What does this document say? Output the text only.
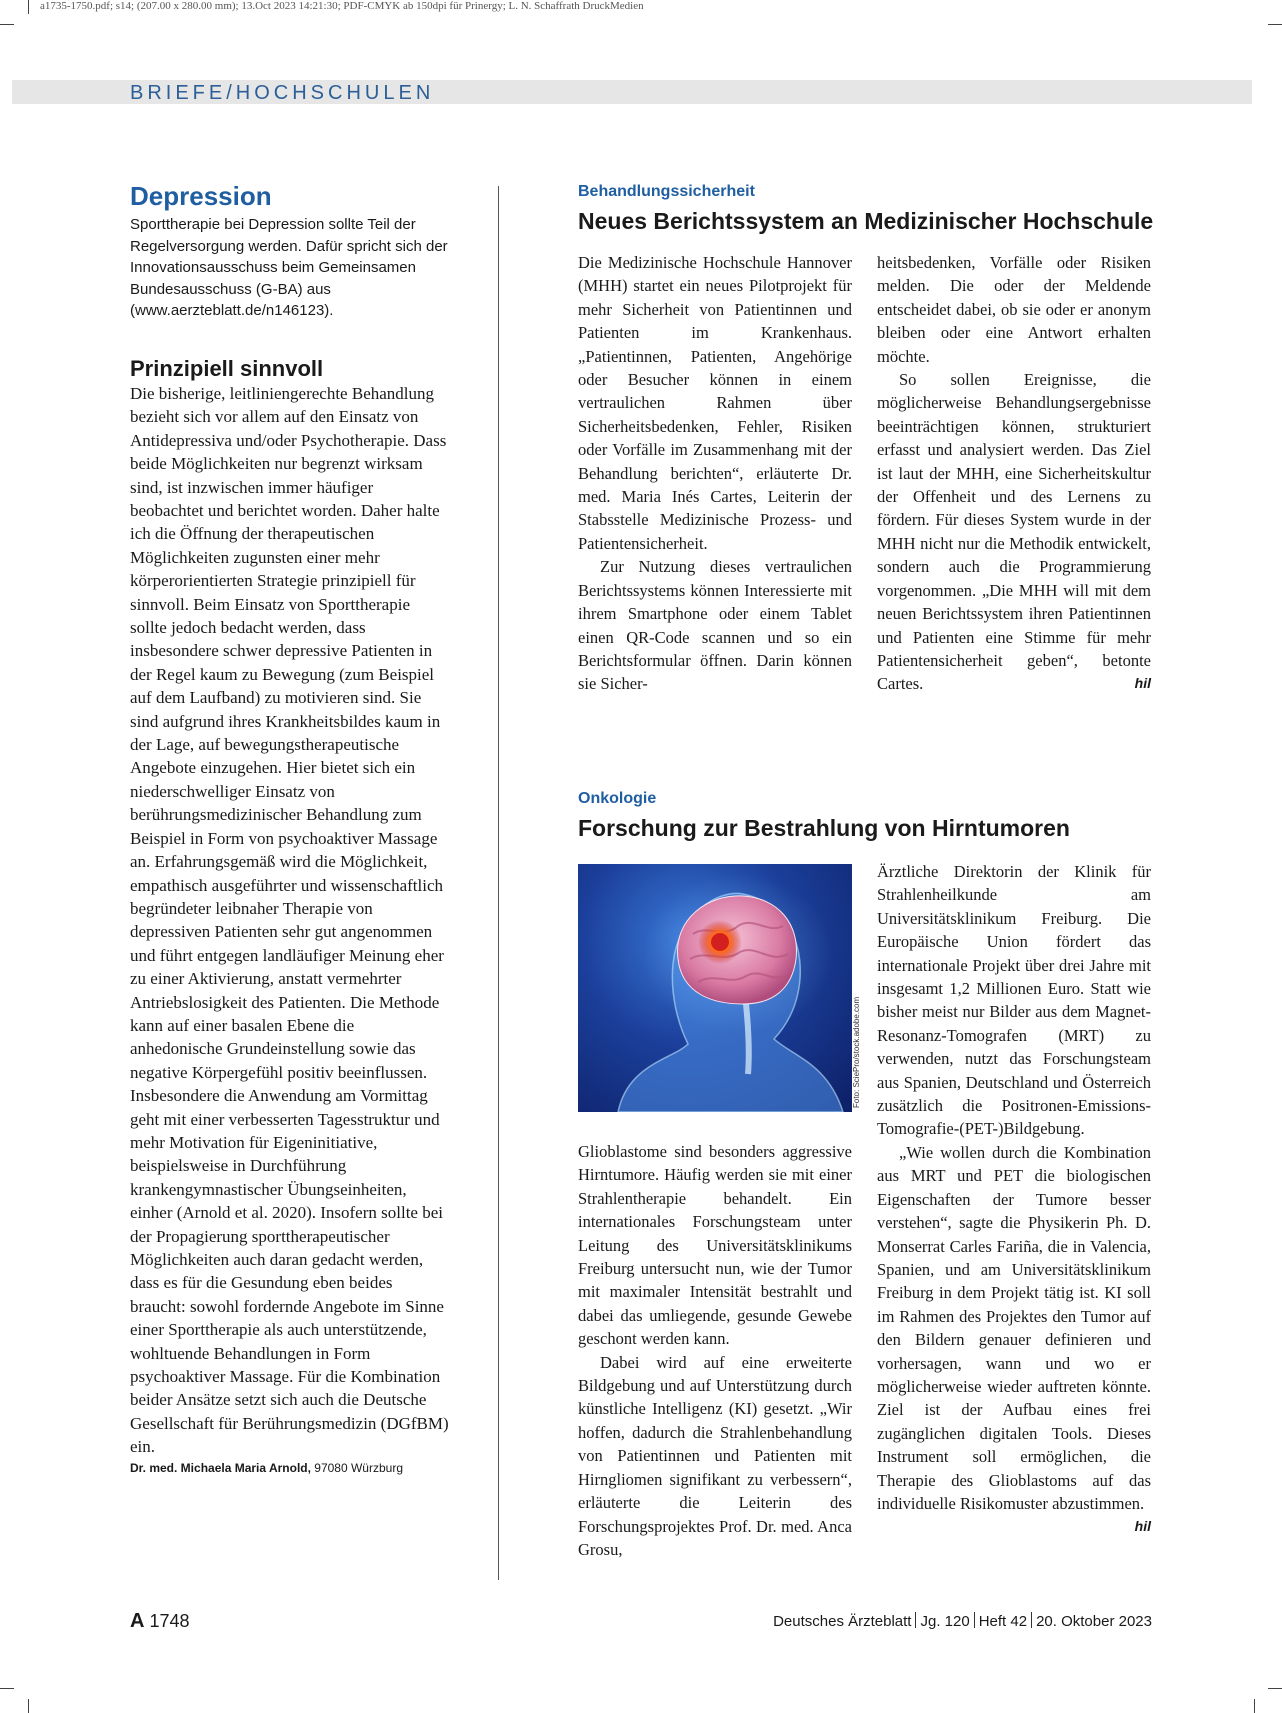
a1735-1750.pdf; s14; (207.00 x 280.00 mm); 13.Oct 2023 14:21:30; PDF-CMYK ab 150dpi für Prinergy; L. N. Schaffrath DruckMedien
BRIEFE/HOCHSCHULEN
Depression

Sporttherapie bei Depression sollte Teil der Regelversorgung werden. Dafür spricht sich der Innovationsausschuss beim Gemeinsamen Bundesausschuss (G-BA) aus (www.aerzteblatt.de/n146123).

Prinzipiell sinnvoll

Die bisherige, leitliniengerechte Behandlung bezieht sich vor allem auf den Einsatz von Antidepressiva und/oder Psychotherapie. Dass beide Möglichkeiten nur begrenzt wirksam sind, ist inzwischen immer häufiger beobachtet und berichtet worden. Daher halte ich die Öffnung der therapeutischen Möglichkeiten zugunsten einer mehr körperorientierten Strategie prinzipiell für sinnvoll. Beim Einsatz von Sporttherapie sollte jedoch bedacht werden, dass insbesondere schwer depressive Patienten in der Regel kaum zu Bewegung (zum Beispiel auf dem Laufband) zu motivieren sind. Sie sind aufgrund ihres Krankheitsbildes kaum in der Lage, auf bewegungstherapeutische Angebote einzugehen. Hier bietet sich ein niederschwelliger Einsatz von berührungsmedizinischer Behandlung zum Beispiel in Form von psychoaktiver Massage an. Erfahrungsgemäß wird die Möglichkeit, empathisch ausgeführter und wissenschaftlich begründeter leibnaher Therapie von depressiven Patienten sehr gut angenommen und führt entgegen landläufiger Meinung eher zu einer Aktivierung, anstatt vermehrter Antriebslosigkeit des Patienten. Die Methode kann auf einer basalen Ebene die anhedonische Grundeinstellung sowie das negative Körpergefühl positiv beeinflussen. Insbesondere die Anwendung am Vormittag geht mit einer verbesserten Tagesstruktur und mehr Motivation für Eigeninitiative, beispielsweise in Durchführung krankengymnastischer Übungseinheiten, einher (Arnold et al. 2020). Insofern sollte bei der Propagierung sporttherapeutischer Möglichkeiten auch daran gedacht werden, dass es für die Gesundung eben beides braucht: sowohl fordernde Angebote im Sinne einer Sporttherapie als auch unterstützende, wohltuende Behandlungen in Form psychoaktiver Massage. Für die Kombination beider Ansätze setzt sich auch die Deutsche Gesellschaft für Berührungsmedizin (DGfBM) ein.

Dr. med. Michaela Maria Arnold, 97080 Würzburg
Behandlungssicherheit
Neues Berichtssystem an Medizinischer Hochschule

Die Medizinische Hochschule Hannover (MHH) startet ein neues Pilotprojekt für mehr Sicherheit von Patientinnen und Patienten im Krankenhaus. „Patientinnen, Patienten, Angehörige oder Besucher können in einem vertraulichen Rahmen über Sicherheitsbedenken, Fehler, Risiken oder Vorfälle im Zusammenhang mit der Behandlung berichten“, erläuterte Dr. med. Maria Inés Cartes, Leiterin der Stabsstelle Medizinische Prozess- und Patientensicherheit.

Zur Nutzung dieses vertraulichen Berichtssystems können Interessierte mit ihrem Smartphone oder einem Tablet einen QR-Code scannen und so ein Berichtsformular öffnen. Darin können sie Sicher-

heitsbedenken, Vorfälle oder Risiken melden. Die oder der Meldende entscheidet dabei, ob sie oder er anonym bleiben oder eine Antwort erhalten möchte.

So sollen Ereignisse, die möglicherweise Behandlungsergebnisse beeinträchtigen können, strukturiert erfasst und analysiert werden. Das Ziel ist laut der MHH, eine Sicherheitskultur der Offenheit und des Lernens zu fördern. Für dieses System wurde in der MHH nicht nur die Methodik entwickelt, sondern auch die Programmierung vorgenommen. „Die MHH will mit dem neuen Berichtssystem ihren Patientinnen und Patienten eine Stimme für mehr Patientensicherheit geben“, betonte Cartes.	hil

Onkologie
Forschung zur Bestrahlung von Hirntumoren
Foto: SciePro/stock.adobe.com

Glioblastome sind besonders aggressive Hirntumore. Häufig werden sie mit einer Strahlentherapie behandelt. Ein internationales Forschungsteam unter Leitung des Universitätsklinikums Freiburg untersucht nun, wie der Tumor mit maximaler Intensität bestrahlt und dabei das umliegende, gesunde Gewebe geschont werden kann.

Dabei wird auf eine erweiterte Bildgebung und auf Unterstützung durch künstliche Intelligenz (KI) gesetzt. „Wir hoffen, dadurch die Strahlenbehandlung von Patientinnen und Patienten mit Hirngliomen signifikant zu verbessern“, erläuterte die Leiterin des Forschungsprojektes Prof. Dr. med. Anca Grosu,

Ärztliche Direktorin der Klinik für Strahlenheilkunde am Universitätsklinikum Freiburg. Die Europäische Union fördert das internationale Projekt über drei Jahre mit insgesamt 1,2 Millionen Euro. Statt wie bisher meist nur Bilder aus dem Magnet-Resonanz-Tomografen (MRT) zu verwenden, nutzt das Forschungsteam aus Spanien, Deutschland und Österreich zusätzlich die Positronen-Emissions-Tomografie-(PET-)Bildgebung.

„Wie wollen durch die Kombination aus MRT und PET die biologischen Eigenschaften der Tumore besser verstehen“, sagte die Physikerin Ph. D. Monserrat Carles Fariña, die in Valencia, Spanien, und am Universitätsklinikum Freiburg in dem Projekt tätig ist. KI soll im Rahmen des Projektes den Tumor auf den Bildern genauer definieren und vorhersagen, wann und wo er möglicherweise wieder auftreten könnte. Ziel ist der Aufbau eines frei zugänglichen digitalen Tools. Dieses Instrument soll ermöglichen, die Therapie des Glioblastoms auf das individuelle Risikomuster abzustimmen.
hil

A 1748	Deutsches Ärzteblatt Jg. 120 Heft 42 20. Oktober 2023
